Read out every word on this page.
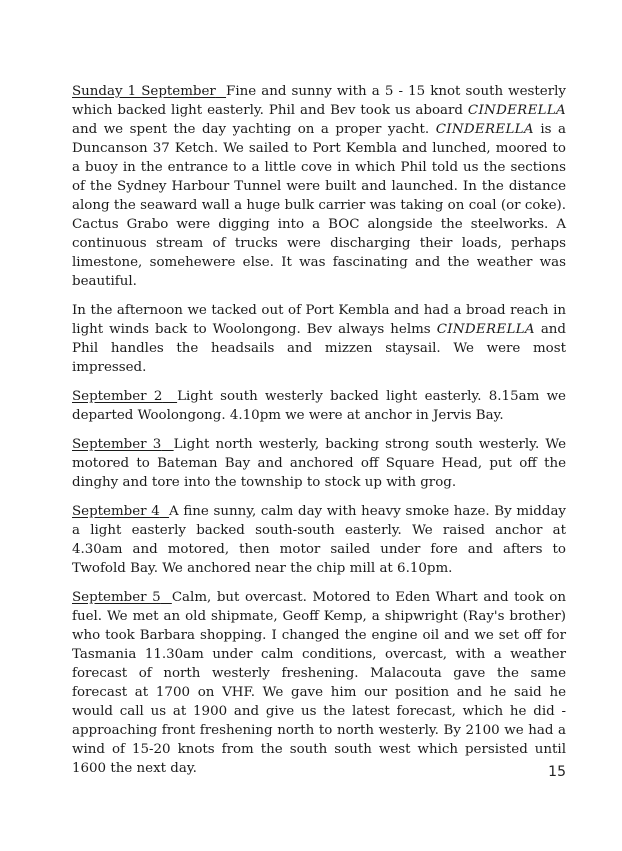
Sunday 1 September Fine and sunny with a 5 - 15 knot south westerly which backed light easterly. Phil and Bev took us aboard CINDERELLA and we spent the day yachting on a proper yacht. CINDERELLA is a Duncanson 37 Ketch. We sailed to Port Kembla and lunched, moored to a buoy in the entrance to a little cove in which Phil told us the sections of the Sydney Harbour Tunnel were built and launched. In the distance along the seaward wall a huge bulk carrier was taking on coal (or coke). Cactus Grabo were digging into a BOC alongside the steelworks. A continuous stream of trucks were discharging their loads, perhaps limestone, somehewere else. It was fascinating and the weather was beautiful.

In the afternoon we tacked out of Port Kembla and had a broad reach in light winds back to Woolongong. Bev always helms CINDERELLA and Phil handles the headsails and mizzen staysail. We were most impressed.

September 2 Light south westerly backed light easterly. 8.15am we departed Woolongong. 4.10pm we were at anchor in Jervis Bay.

September 3 Light north westerly, backing strong south westerly. We motored to Bateman Bay and anchored off Square Head, put off the dinghy and tore into the township to stock up with grog.

September 4 A fine sunny, calm day with heavy smoke haze. By midday a light easterly backed south-south easterly. We raised anchor at 4.30am and motored, then motor sailed under fore and afters to Twofold Bay. We anchored near the chip mill at 6.10pm.

September 5 Calm, but overcast. Motored to Eden Whart and took on fuel. We met an old shipmate, Geoff Kemp, a shipwright (Ray's brother) who took Barbara shopping. I changed the engine oil and we set off for Tasmania 11.30am under calm conditions, overcast, with a weather forecast of north westerly freshening. Malacouta gave the same forecast at 1700 on VHF. We gave him our position and he said he would call us at 1900 and give us the latest forecast, which he did - approaching front freshening north to north westerly. By 2100 we had a wind of 15-20 knots from the south south west which persisted until 1600 the next day.	15
